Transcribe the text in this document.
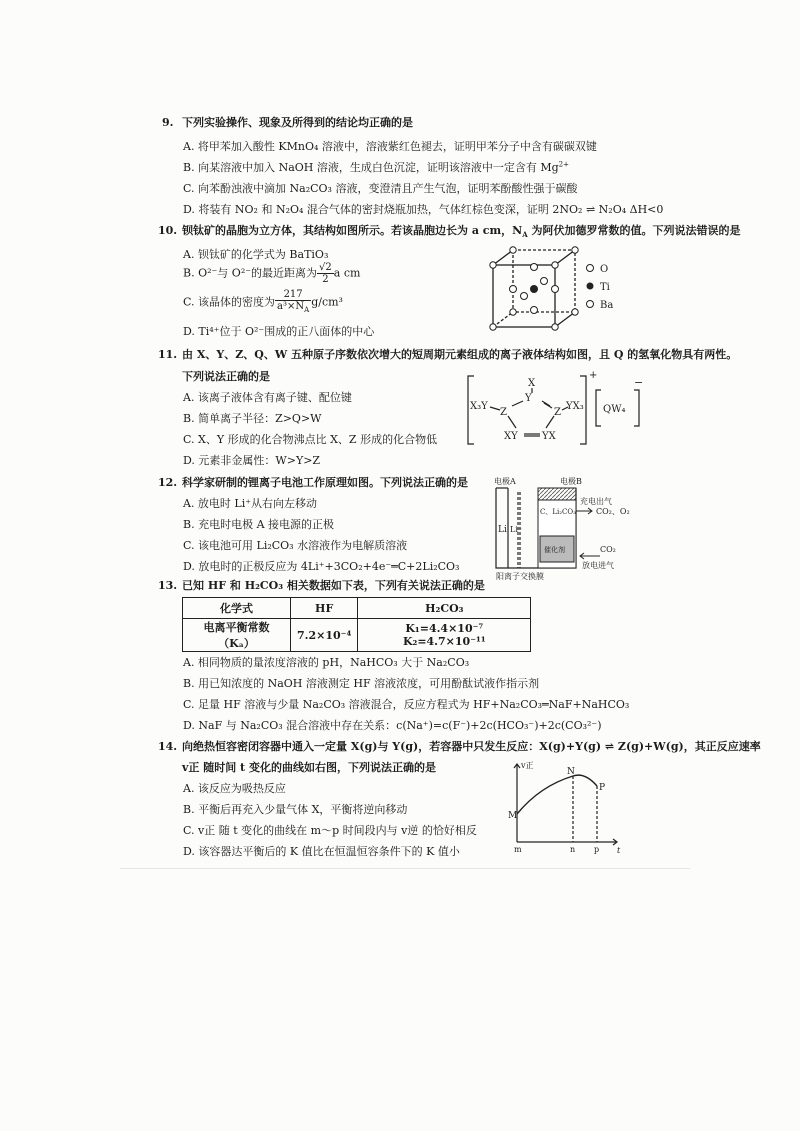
9. 下列实验操作、现象及所得到的结论均正确的是
A. 将甲苯加入酸性 KMnO₄ 溶液中，溶液紫红色褪去，证明甲苯分子中含有碳碳双键
B. 向某溶液中加入 NaOH 溶液，生成白色沉淀，证明该溶液中一定含有 $Mg^{2+}$
C. 向苯酚浊液中滴加 Na₂CO₃ 溶液，变澄清且产生气泡，证明苯酚酸性强于碳酸
D. 将装有 NO₂ 和 N₂O₄ 混合气体的密封烧瓶加热，气体红棕色变深，证明 2NO₂ ⇌ N₂O₄ ΔH<0
10. 钡钛矿的晶胞为立方体，其结构如图所示。若该晶胞边长为 a cm，$N_A$ 为阿伏加德罗常数的值。下列说法错误的是
A. 钡钛矿的化学式为 BaTiO₃
B. O²⁻与 O²⁻的最近距离为 $\frac{√2}{2}$ a cm
C. 该晶体的密度为 $\frac{217}{a^3\times N_A} g/cm^3$
D. Ti⁴⁺位于 O²⁻围成的正八面体的中心
O
Ti
Ba
11. 由 X、Y、Z、Q、W 五种原子序数依次增大的短周期元素组成的离子液体结构如图，且 Q 的氢氧化物具有两性。
下列说法正确的是
A. 该离子液体含有离子键、配位键
B. 简单离子半径：Z>Q>W
C. X、Y 形成的化合物沸点比 X、Z 形成的化合物低
D. 元素非金属性：W>Y>Z
X
Y
X₃Y
Z	Z
YX₃
XY YX
+
QW₄
−
12. 科学家研制的锂离子电池工作原理如图。下列说法正确的是
A. 放电时 Li⁺从右向左移动
B. 充电时电极 A 接电源的正极
C. 该电池可用 Li₂CO₃ 水溶液作为电解质溶液
D. 放电时的正极反应为 4Li⁺+3CO₂+4e⁻═C+2Li₂CO₃
电极A	电极B
Li Li⁺
C、Li₂CO₃
催化剂
充电出气
CO₂、O₂
CO₂
放电进气
阳离子交换膜
13. 已知 HF 和 H₂CO₃ 相关数据如下表，下列有关说法正确的是
化学式	HF	H₂CO₃
电离平衡常数（Kₐ）	7.2×10⁻⁴	K₁=4.4×10⁻⁷ K₂=4.7×10⁻¹¹
A. 相同物质的量浓度溶液的 pH，NaHCO₃ 大于 Na₂CO₃
B. 用已知浓度的 NaOH 溶液测定 HF 溶液浓度，可用酚酞试液作指示剂
C. 足量 HF 溶液与少量 Na₂CO₃ 溶液混合，反应方程式为 HF+Na₂CO₃═NaF+NaHCO₃
D. NaF 与 Na₂CO₃ 混合溶液中存在关系：c(Na⁺)=c(F⁻)+2c(HCO₃⁻)+2c(CO₃²⁻)
14. 向绝热恒容密闭容器中通入一定量 X(g)与 Y(g)，若容器中只发生反应：X(g)+Y(g) ⇌ Z(g)+W(g)，其正反应速率
v正 随时间 t 变化的曲线如右图，下列说法正确的是
A. 该反应为吸热反应
B. 平衡后再充入少量气体 X，平衡将逆向移动
C. v正 随 t 变化的曲线在 m～p 时间段内与 v逆 的恰好相反
D. 该容器达平衡后的 K 值比在恒温恒容条件下的 K 值小
v正
t
M
N
P
m	n p
